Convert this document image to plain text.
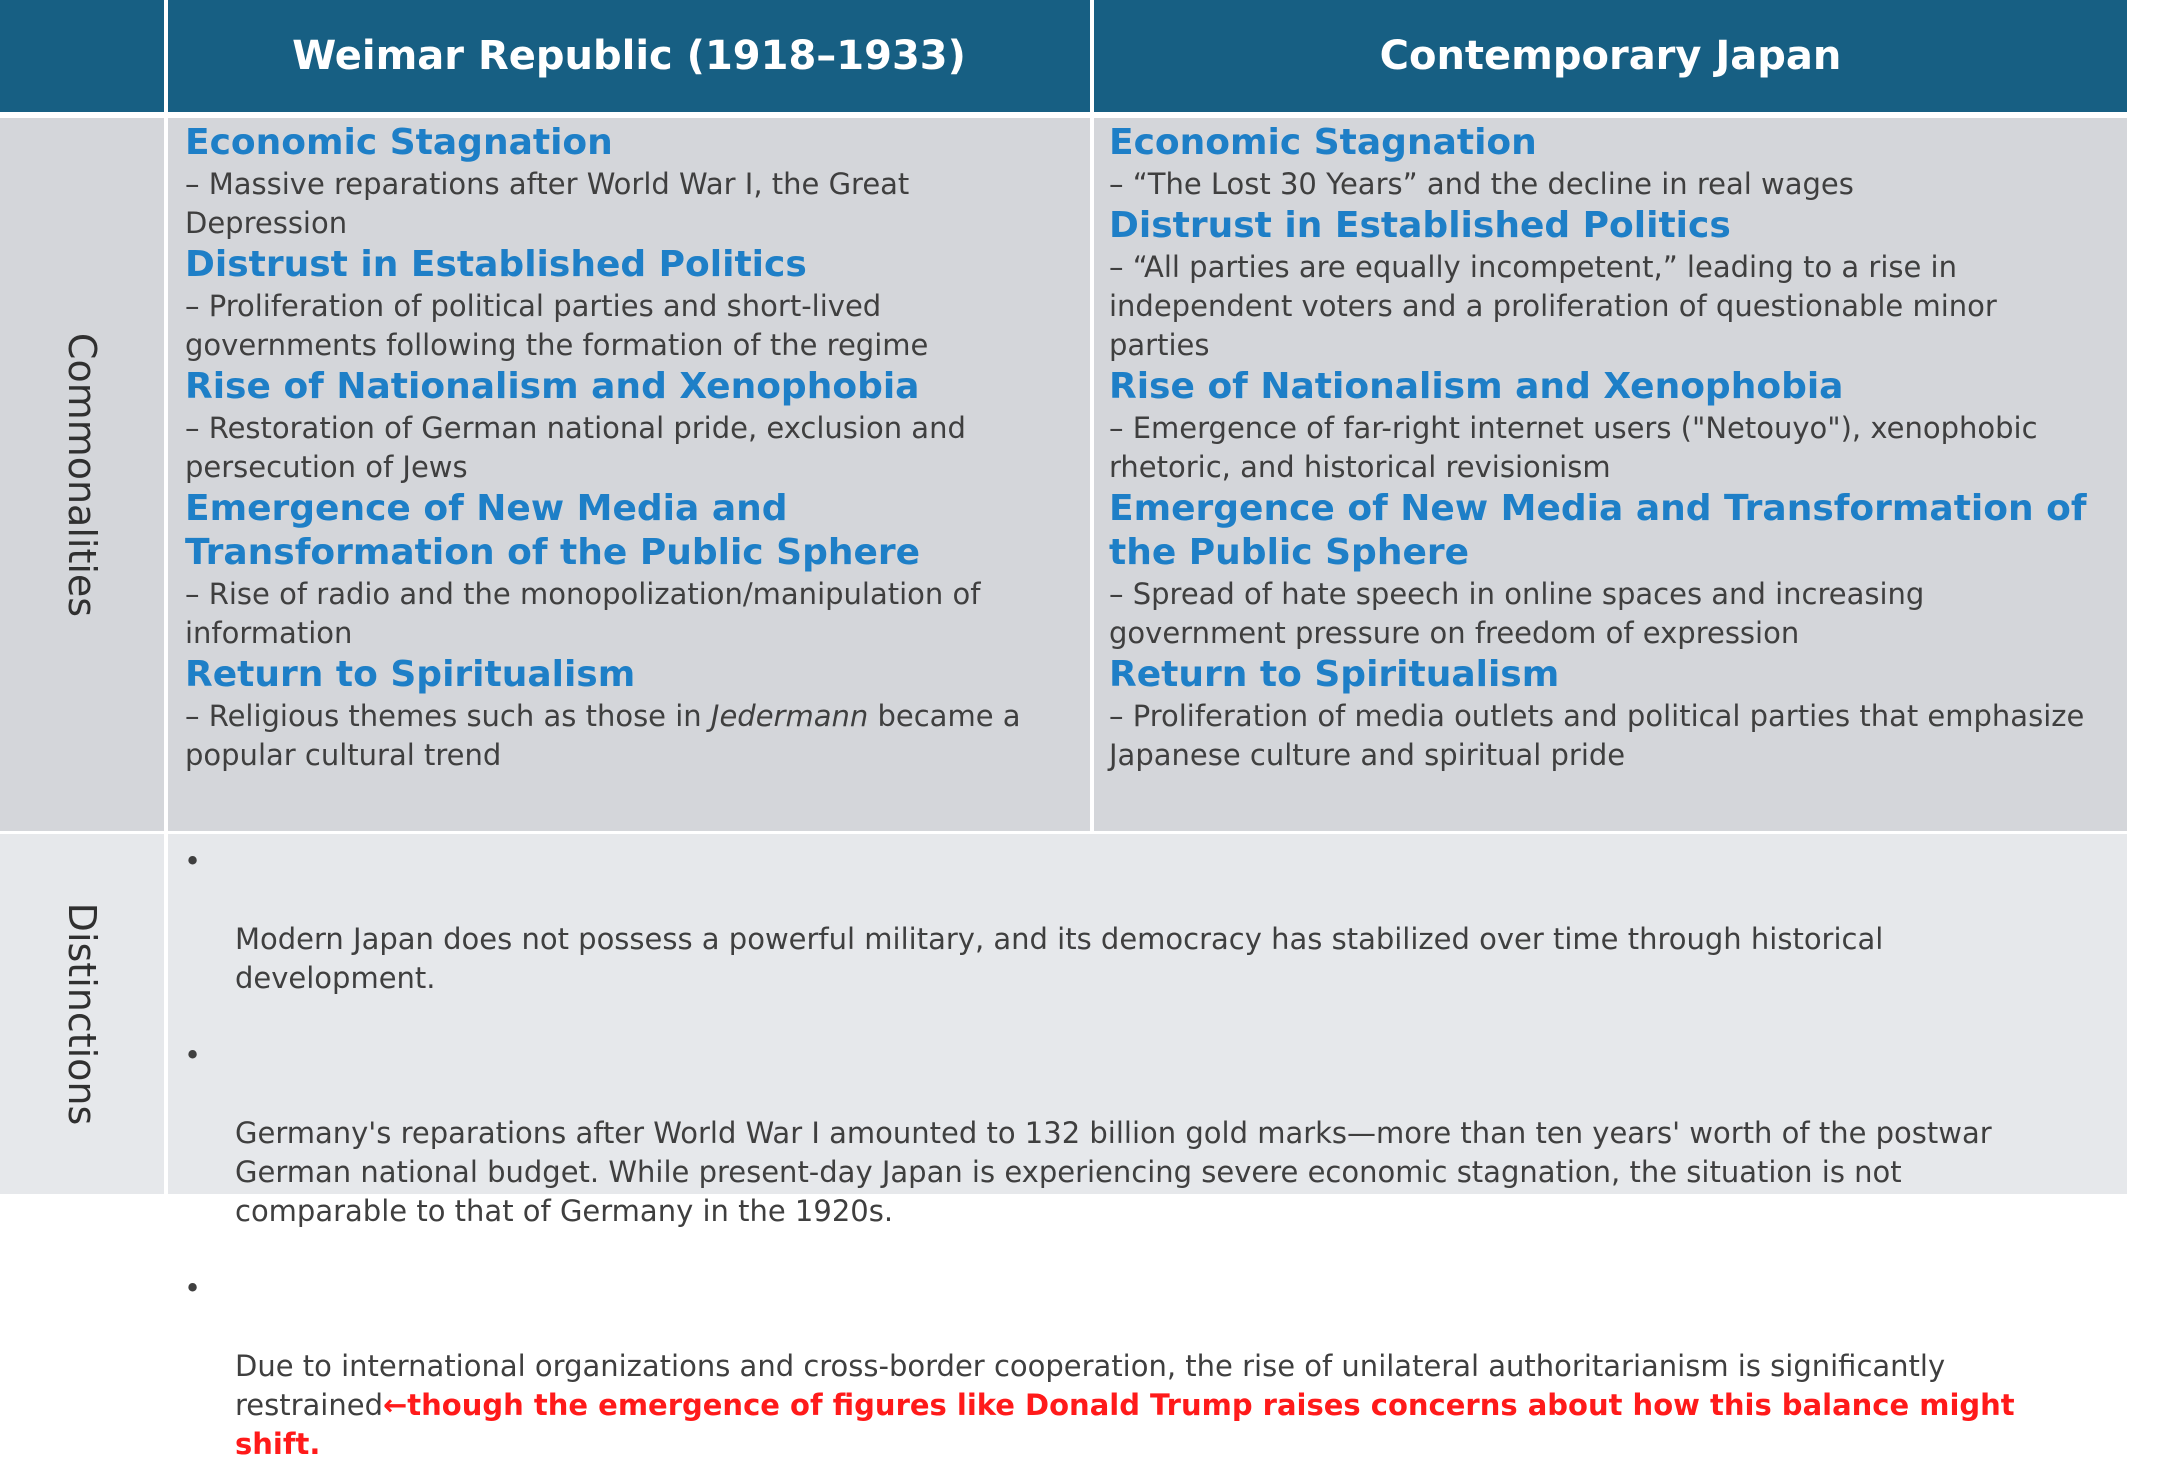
Weimar Republic (1918–1933)	Contemporary Japan
Commonalities

Economic Stagnation

– Massive reparations after World War I, the Great
Depression

Distrust in Established Politics

– Proliferation of political parties and short-lived
governments following the formation of the regime

Rise of Nationalism and Xenophobia

– Restoration of German national pride, exclusion and
persecution of Jews

Emergence of New Media and Transformation of the Public Sphere

– Rise of radio and the monopolization/manipulation of
information

Return to Spiritualism

– Religious themes such as those in Jedermann became a
popular cultural trend

Economic Stagnation

– “The Lost 30 Years” and the decline in real wages

Distrust in Established Politics

– “All parties are equally incompetent,” leading to a rise in
independent voters and a proliferation of questionable minor
parties

Rise of Nationalism and Xenophobia

– Emergence of far-right internet users ("Netouyo"), xenophobic
rhetoric, and historical revisionism

Emergence of New Media and Transformation of the Public Sphere

– Spread of hate speech in online spaces and increasing
government pressure on freedom of expression

Return to Spiritualism

– Proliferation of media outlets and political parties that emphasize
Japanese culture and spiritual pride

Distinctions

•

Modern Japan does not possess a powerful military, and its democracy has stabilized over time through historical
development.

•

Germany's reparations after World War I amounted to 132 billion gold marks—more than ten years' worth of the postwar
German national budget. While present-day Japan is experiencing severe economic stagnation, the situation is not
comparable to that of Germany in the 1920s.

•

Due to international organizations and cross-border cooperation, the rise of unilateral authoritarianism is significantly
restrained←though the emergence of figures like Donald Trump raises concerns about how this balance might shift.
